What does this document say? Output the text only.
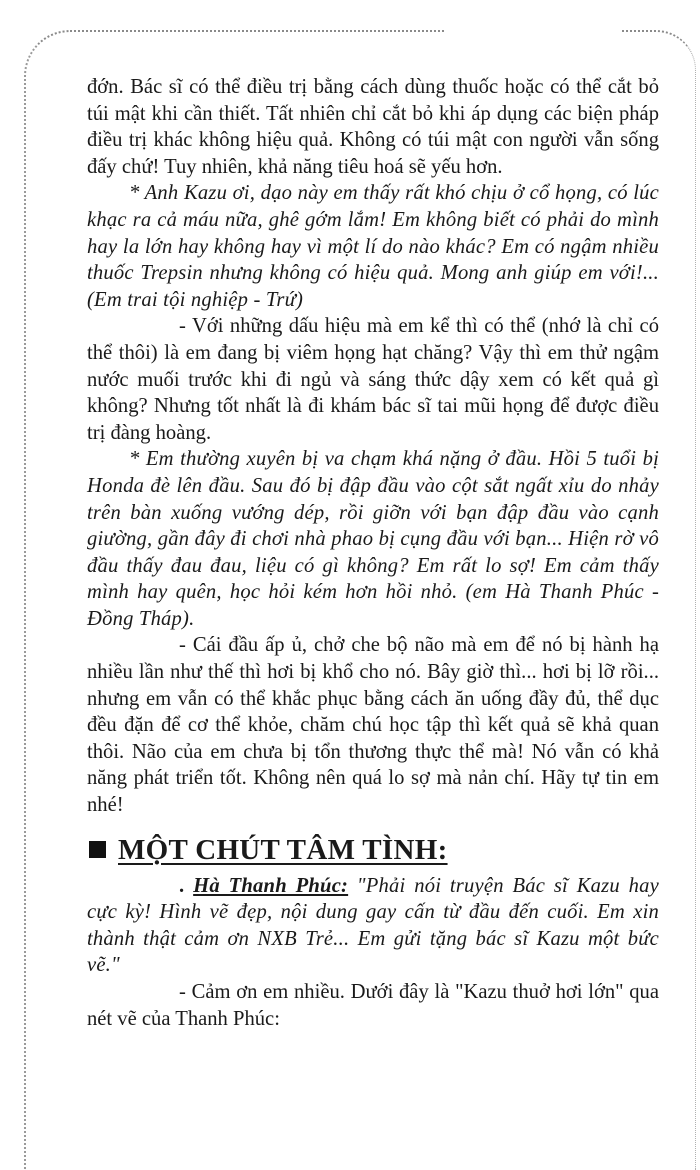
đớn. Bác sĩ có thể điều trị bằng cách dùng thuốc hoặc có thể cắt bỏ túi mật khi cần thiết. Tất nhiên chỉ cắt bỏ khi áp dụng các biện pháp điều trị khác không hiệu quả. Không có túi mật con người vẫn sống đấy chứ! Tuy nhiên, khả năng tiêu hoá sẽ yếu hơn.

* Anh Kazu ơi, dạo này em thấy rất khó chịu ở cổ họng, có lúc khạc ra cả máu nữa, ghê gớm lắm! Em không biết có phải do mình hay la lớn hay không hay vì một lí do nào khác? Em có ngậm nhiều thuốc Trepsin nhưng không có hiệu quả. Mong anh giúp em với!... (Em trai tội nghiệp - Trứ)

- Với những dấu hiệu mà em kể thì có thể (nhớ là chỉ có thể thôi) là em đang bị viêm họng hạt chăng? Vậy thì em thử ngậm nước muối trước khi đi ngủ và sáng thức dậy xem có kết quả gì không? Nhưng tốt nhất là đi khám bác sĩ tai mũi họng để được điều trị đàng hoàng.

* Em thường xuyên bị va chạm khá nặng ở đầu. Hồi 5 tuổi bị Honda đè lên đầu. Sau đó bị đập đầu vào cột sắt ngất xỉu do nhảy trên bàn xuống vướng dép, rồi giỡn với bạn đập đầu vào cạnh giường, gần đây đi chơi nhà phao bị cụng đầu với bạn... Hiện rờ vô đầu thấy đau đau, liệu có gì không? Em rất lo sợ! Em cảm thấy mình hay quên, học hỏi kém hơn hồi nhỏ. (em Hà Thanh Phúc - Đồng Tháp).

- Cái đầu ấp ủ, chở che bộ não mà em để nó bị hành hạ nhiều lần như thế thì hơi bị khổ cho nó. Bây giờ thì... hơi bị lỡ rồi... nhưng em vẫn có thể khắc phục bằng cách ăn uống đầy đủ, thể dục đều đặn để cơ thể khỏe, chăm chú học tập thì kết quả sẽ khả quan thôi. Não của em chưa bị tổn thương thực thể mà! Nó vẫn có khả năng phát triển tốt. Không nên quá lo sợ mà nản chí. Hãy tự tin em nhé!

MỘT CHÚT TÂM TÌNH:

. Hà Thanh Phúc: "Phải nói truyện Bác sĩ Kazu hay cực kỳ! Hình vẽ đẹp, nội dung gay cấn từ đầu đến cuối. Em xin thành thật cảm ơn NXB Trẻ... Em gửi tặng bác sĩ Kazu một bức vẽ."

- Cảm ơn em nhiều. Dưới đây là "Kazu thuở hơi lớn" qua nét vẽ của Thanh Phúc:
